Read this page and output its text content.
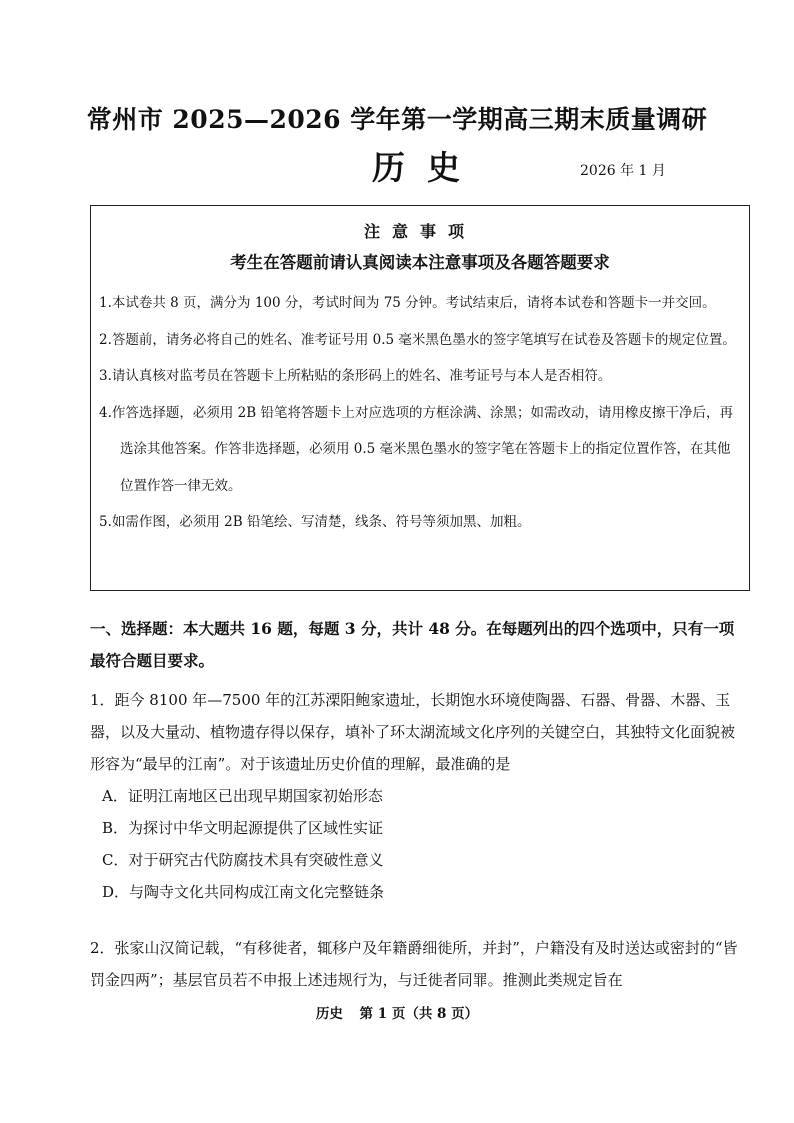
常州市 2025—2026 学年第一学期高三期末质量调研
历史	2026 年 1 月
注意事项
考生在答题前请认真阅读本注意事项及各题答题要求
1.本试卷共 8 页，满分为 100 分，考试时间为 75 分钟。考试结束后，请将本试卷和答题卡一并交回。
2.答题前，请务必将自己的姓名、准考证号用 0.5 毫米黑色墨水的签字笔填写在试卷及答题卡的规定位置。
3.请认真核对监考员在答题卡上所粘贴的条形码上的姓名、准考证号与本人是否相符。
4.作答选择题，必须用 2B 铅笔将答题卡上对应选项的方框涂满、涂黑；如需改动，请用橡皮擦干净后，再选涂其他答案。作答非选择题，必须用 0.5 毫米黑色墨水的签字笔在答题卡上的指定位置作答，在其他位置作答一律无效。
5.如需作图，必须用 2B 铅笔绘、写清楚，线条、符号等须加黑、加粗。
一、选择题：本大题共 16 题，每题 3 分，共计 48 分。在每题列出的四个选项中，只有一项最符合题目要求。
1．距今 8100 年—7500 年的江苏溧阳鲍家遗址，长期饱水环境使陶器、石器、骨器、木器、玉器，以及大量动、植物遗存得以保存，填补了环太湖流域文化序列的关键空白，其独特文化面貌被形容为“最早的江南”。对于该遗址历史价值的理解，最准确的是
A．证明江南地区已出现早期国家初始形态
B．为探讨中华文明起源提供了区域性实证
C．对于研究古代防腐技术具有突破性意义
D．与陶寺文化共同构成江南文化完整链条
2．张家山汉简记载，“有移徙者，辄移户及年籍爵细徙所，并封”，户籍没有及时送达或密封的“皆罚金四两”；基层官员若不申报上述违规行为，与迁徙者同罪。推测此类规定旨在
历史 第 1 页（共 8 页）
